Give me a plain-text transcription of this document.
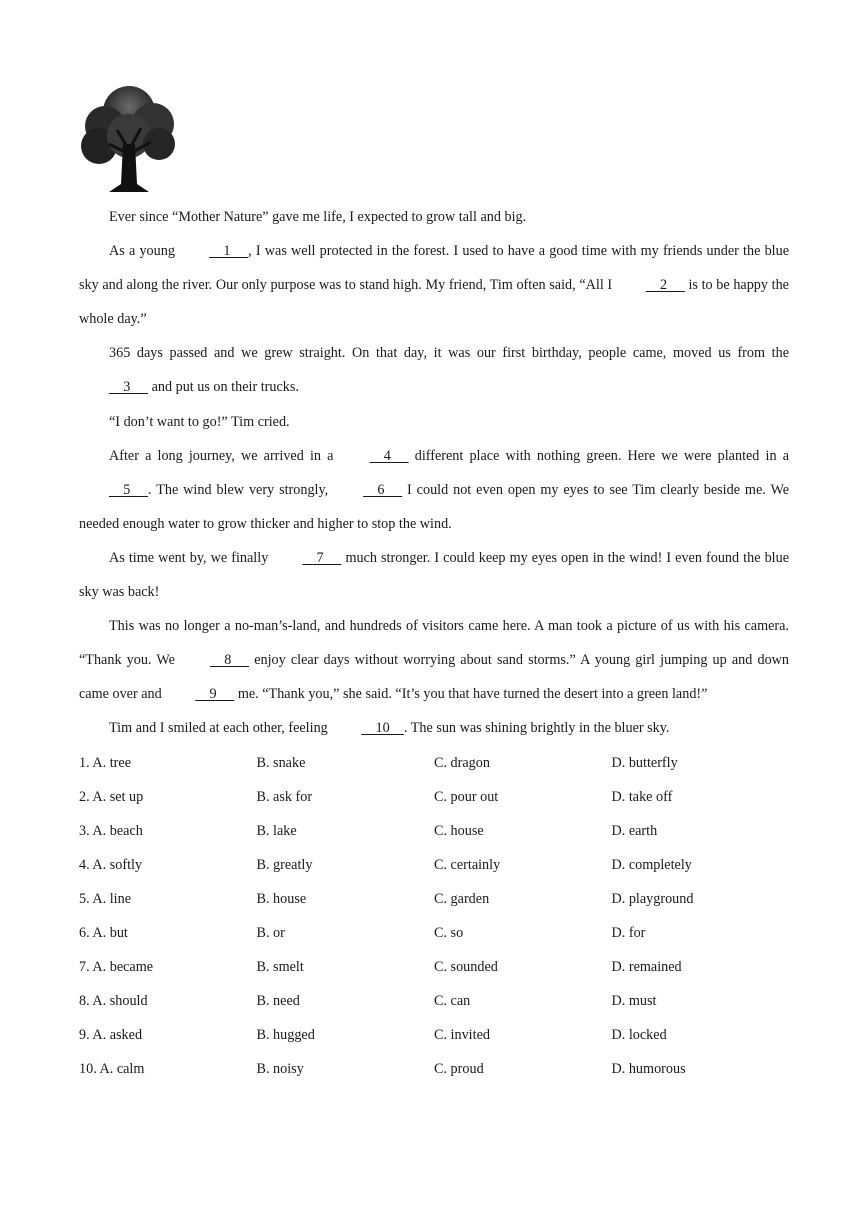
Ever since “Mother Nature” gave me life, I expected to grow tall and big.

As a young     1     , I was well protected in the forest. I used to have a good time with my friends under the blue sky and along the river. Our only purpose was to stand high. My friend, Tim often said, “All I     2      is to be happy the whole day.”

365 days passed and we grew straight. On that day, it was our first birthday, people came, moved us from the     3      and put us on their trucks.

“I don’t want to go!” Tim cried.

After a long journey, we arrived in a     4      different place with nothing green. Here we were planted in a     5     . The wind blew very strongly,     6      I could not even open my eyes to see Tim clearly beside me. We needed enough water to grow thicker and higher to stop the wind.

As time went by, we finally     7      much stronger. I could keep my eyes open in the wind! I even found the blue sky was back!

This was no longer a no-man’s-land, and hundreds of visitors came here. A man took a picture of us with his camera. “Thank you. We     8      enjoy clear days without worrying about sand storms.” A young girl jumping up and down came over and     9      me. “Thank you,” she said. “It’s you that have turned the desert into a green land!”

Tim and I smiled at each other, feeling     10    . The sun was shining brightly in the bluer sky.

1. A. tree	B. snake	C. dragon	D. butterfly
2. A. set up	B. ask for	C. pour out	D. take off
3. A. beach	B. lake	C. house	D. earth
4. A. softly	B. greatly	C. certainly	D. completely
5. A. line	B. house	C. garden	D. playground
6. A. but	B. or	C. so	D. for
7. A. became	B. smelt	C. sounded	D. remained
8. A. should	B. need	C. can	D. must
9. A. asked	B. hugged	C. invited	D. locked
10. A. calm	B. noisy	C. proud	D. humorous
